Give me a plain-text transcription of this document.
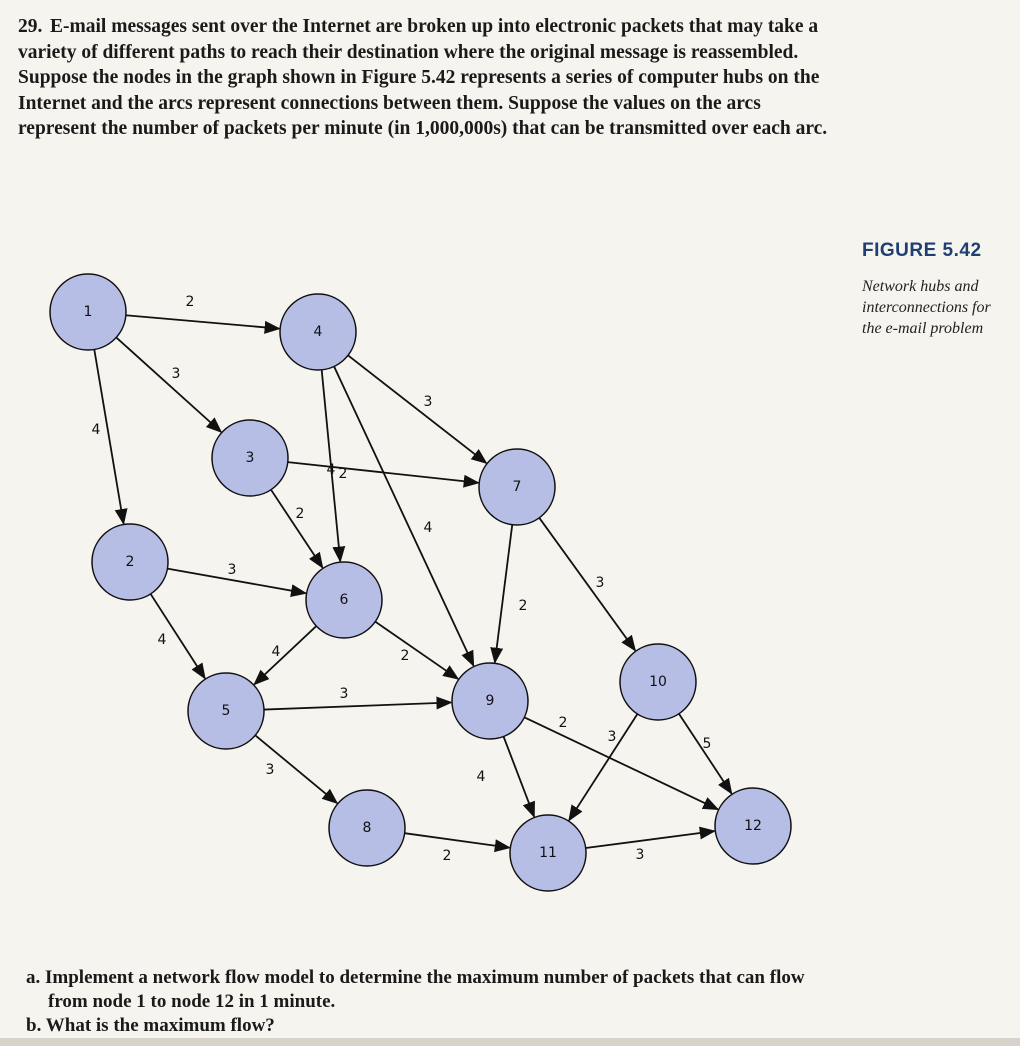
29. E-mail messages sent over the Internet are broken up into electronic packets that may take a variety of different paths to reach their destination where the original message is reassembled. Suppose the nodes in the graph shown in Figure 5.42 represents a series of computer hubs on the Internet and the arcs represent connections between them. Suppose the values on the arcs represent the number of packets per minute (in 1,000,000s) that can be transmitted over each arc.

FIGURE 5.42
Network hubs and interconnections for the e-mail problem
2
3
4
3
4
4
2
2
3
4
4	2
2
3
3
3
2
4
3	5
2	3
1
2
3
4
5
6
7
8
9
10
11
12
a. Implement a network flow model to determine the maximum number of packets that can flow from node 1 to node 12 in 1 minute.
b. What is the maximum flow?
